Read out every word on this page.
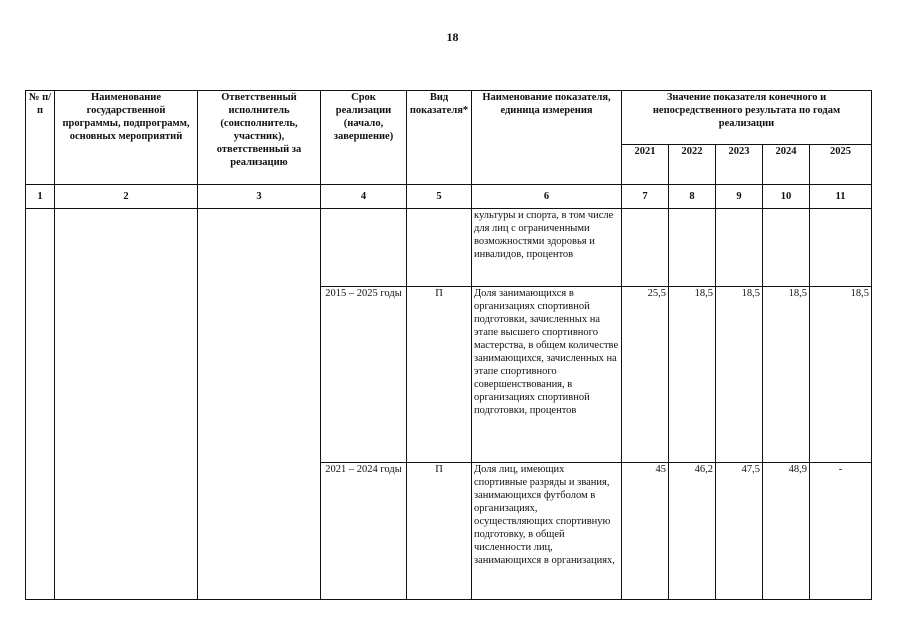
18
№ п/п	Наименование государственной программы, подпрограмм, основных мероприятий	Ответственный исполнитель (соисполнитель, участник), ответственный за реализацию	Срок реализации (начало, завершение)	Вид показателя*	Наименование показателя, единица измерения	Значение показателя конечного и непосредственного результата по годам реализации				
						2021	2022	2023	2024	2025
1	2	3	4	5	6	7	8	9	10	11
					культуры и спорта, в том числе для лиц с ограниченными возможностями здоровья и инвалидов, процентов					
			2015 – 2025 годы	П	Доля занимающихся в организациях спортивной подготовки, зачисленных на этапе высшего спортивного мастерства, в общем количестве занимающихся, зачисленных на этапе спортивного совершенствования, в организациях спортивной подготовки, процентов	25,5	18,5	18,5	18,5	18,5
			2021 – 2024 годы	П	Доля лиц, имеющих спортивные разряды и звания, занимающихся футболом в организациях, осуществляющих спортивную подготовку, в общей численности лиц, занимающихся в организациях,	45	46,2	47,5	48,9	-
